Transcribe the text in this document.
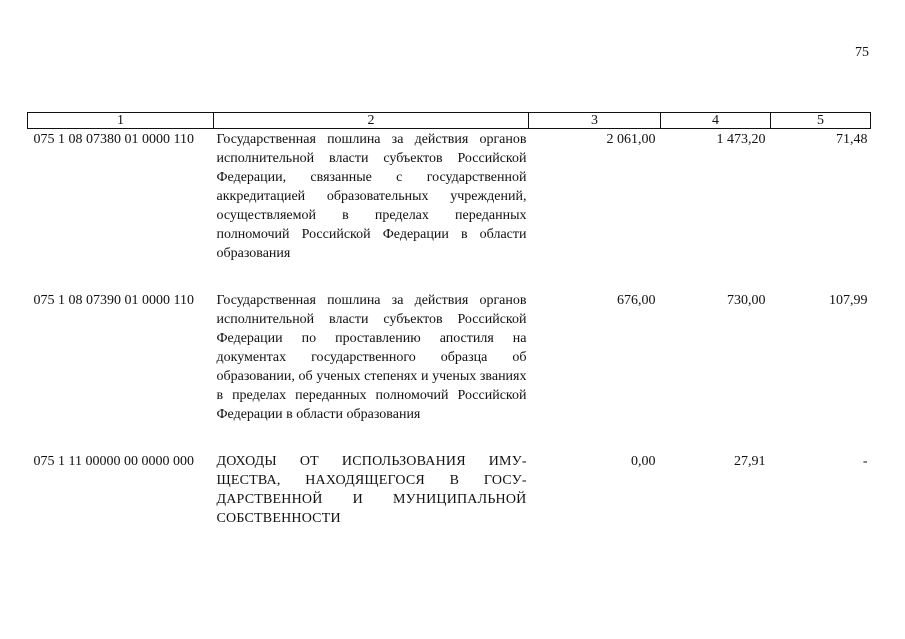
75
1	2	3	4	5
075 1 08 07380 01 0000 110	Государственная пошлина за действия органов исполнительной власти субъектов Российской Федерации, связанные с государственной аккредитацией образовательных учреждений, осуществляемой в пределах переданных полномочий Российской Федерации в области образования	2 061,00	1 473,20	71,48
075 1 08 07390 01 0000 110	Государственная пошлина за действия органов исполнительной власти субъектов Российской Федерации по проставлению апостиля на документах государственного образца об образовании, об ученых степенях и ученых званиях в пределах переданных полномочий Российской Федерации в области образования	676,00	730,00	107,99
075 1 11 00000 00 0000 000	ДОХОДЫ ОТ ИСПОЛЬЗОВАНИЯ ИМУЩЕСТВА, НАХОДЯЩЕГОСЯ В ГОСУДАРСТВЕННОЙ И МУНИЦИПАЛЬНОЙ СОБСТВЕННОСТИ	0,00	27,91	-
